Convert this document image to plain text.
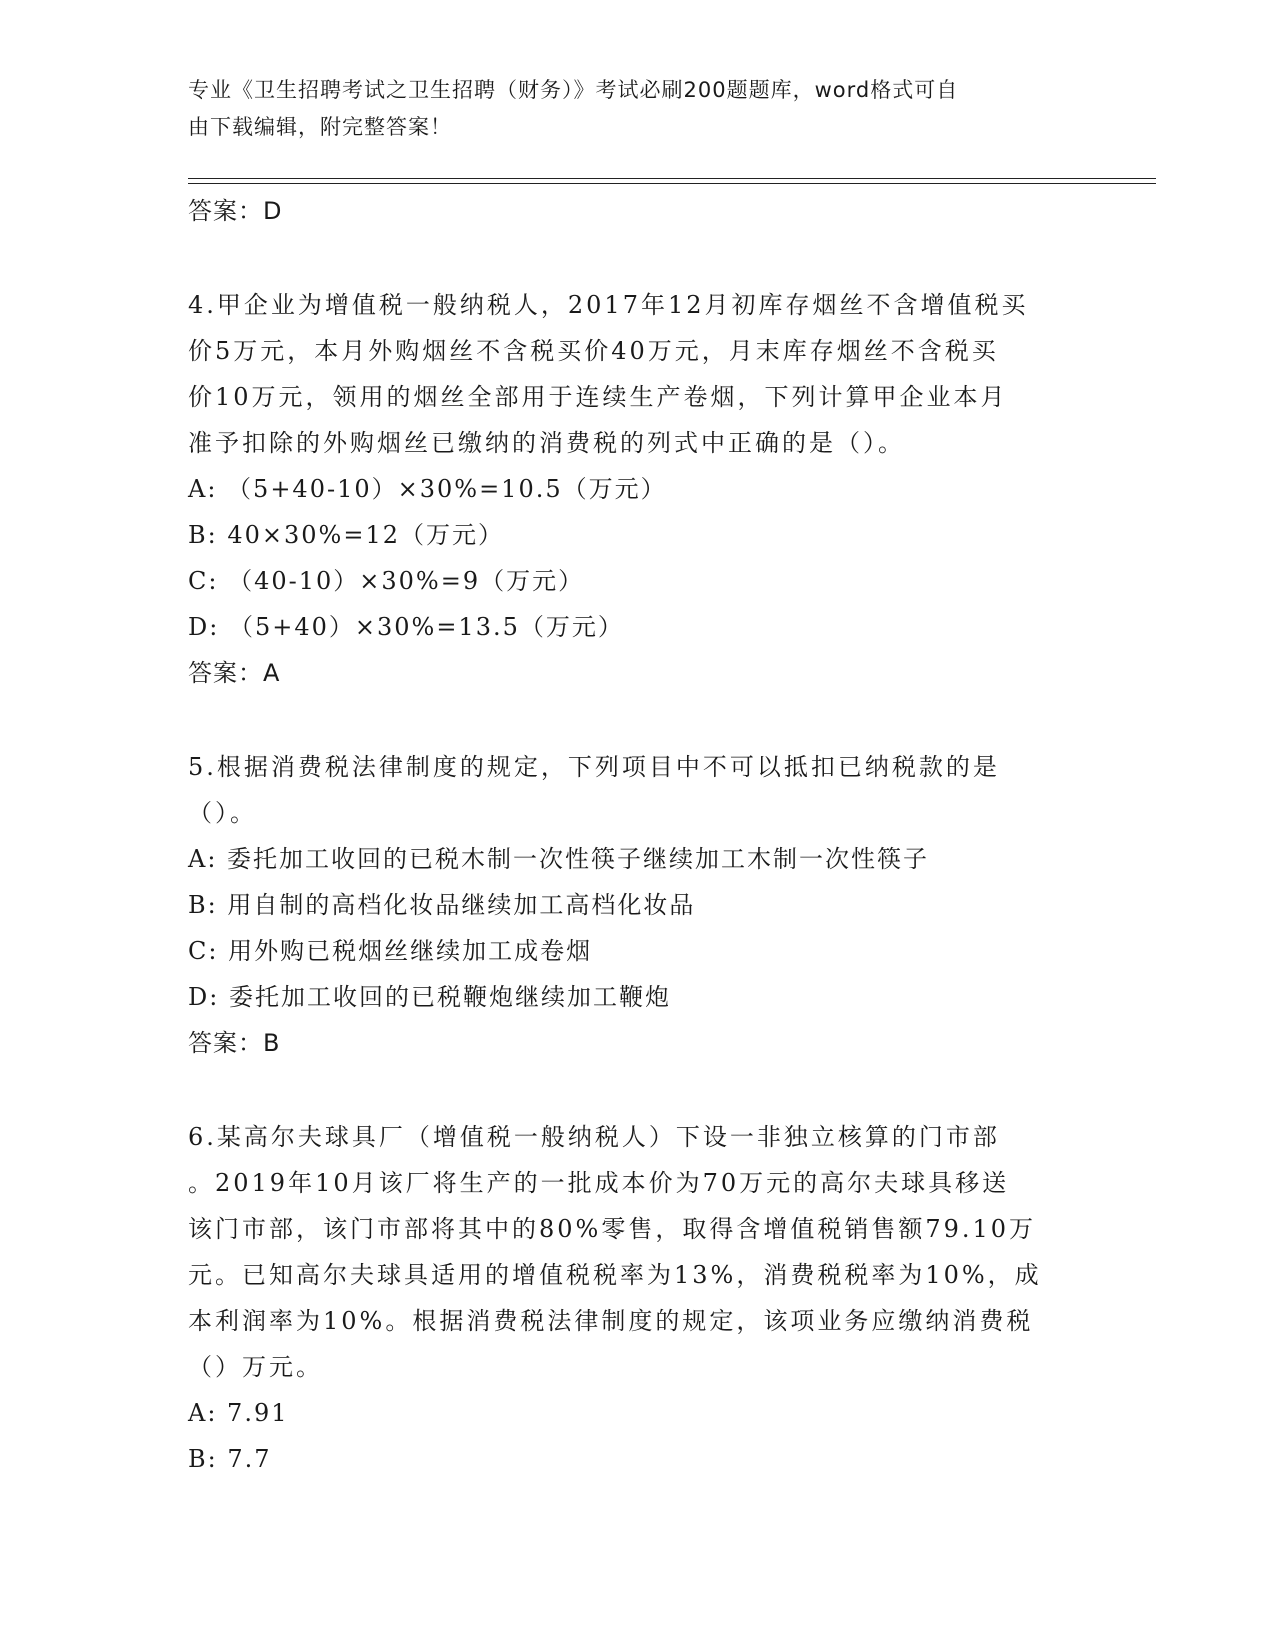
专业《卫生招聘考试之卫生招聘（财务）》考试必刷200题题库，word格式可自
由下载编辑，附完整答案！
答案：D
4.甲企业为增值税一般纳税人，2017年12月初库存烟丝不含增值税买
价5万元，本月外购烟丝不含税买价40万元，月末库存烟丝不含税买
价10万元，领用的烟丝全部用于连续生产卷烟，下列计算甲企业本月
准予扣除的外购烟丝已缴纳的消费税的列式中正确的是（）。
A: （5+40-10）×30%=10.5（万元）
B: 40×30%=12（万元）
C: （40-10）×30%=9（万元）
D: （5+40）×30%=13.5（万元）
答案：A
5.根据消费税法律制度的规定，下列项目中不可以抵扣已纳税款的是
（）。
A: 委托加工收回的已税木制一次性筷子继续加工木制一次性筷子
B: 用自制的高档化妆品继续加工高档化妆品
C: 用外购已税烟丝继续加工成卷烟
D: 委托加工收回的已税鞭炮继续加工鞭炮
答案：B
6.某高尔夫球具厂（增值税一般纳税人）下设一非独立核算的门市部
。2019年10月该厂将生产的一批成本价为70万元的高尔夫球具移送
该门市部，该门市部将其中的80%零售，取得含增值税销售额79.10万
元。已知高尔夫球具适用的增值税税率为13%，消费税税率为10%，成
本利润率为10%。根据消费税法律制度的规定，该项业务应缴纳消费税
（）万元。
A: 7.91
B: 7.7
